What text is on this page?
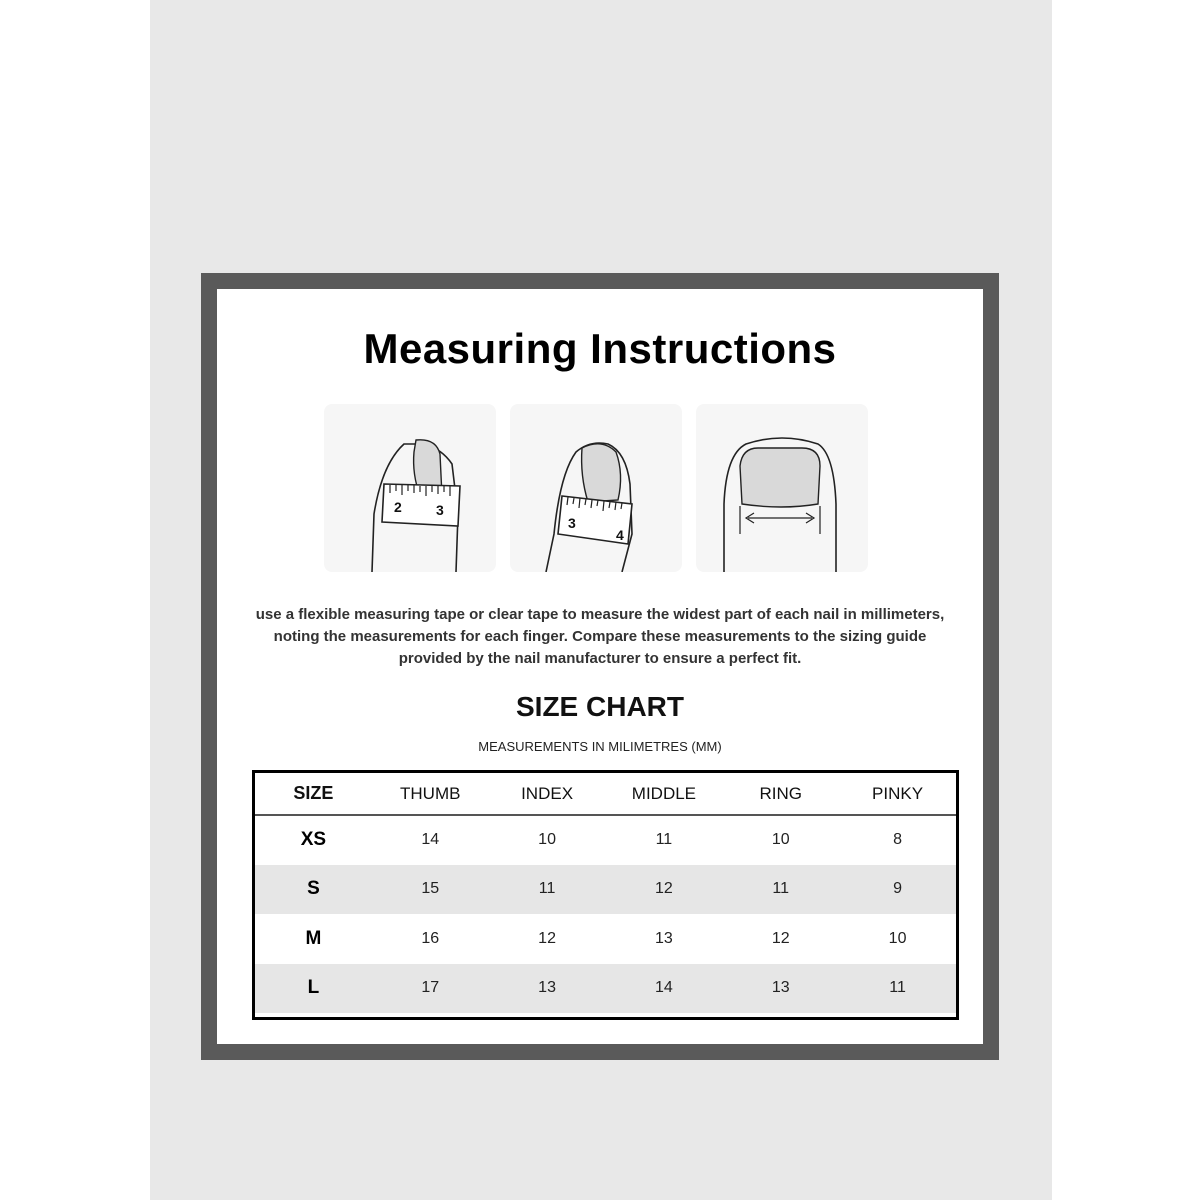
Measuring Instructions
2 3
3
4
use a flexible measuring tape or clear tape to measure the widest part of each nail in millimeters,
noting the measurements for each finger. Compare these measurements to the sizing guide
provided by the nail manufacturer to ensure a perfect fit.
SIZE CHART
MEASUREMENTS IN MILIMETRES (MM)
SIZE	THUMB	INDEX	MIDDLE	RING	PINKY
XS	14	10	11	10	8
S	15	11	12	11	9
M	16	12	13	12	10
L	17	13	14	13	11
